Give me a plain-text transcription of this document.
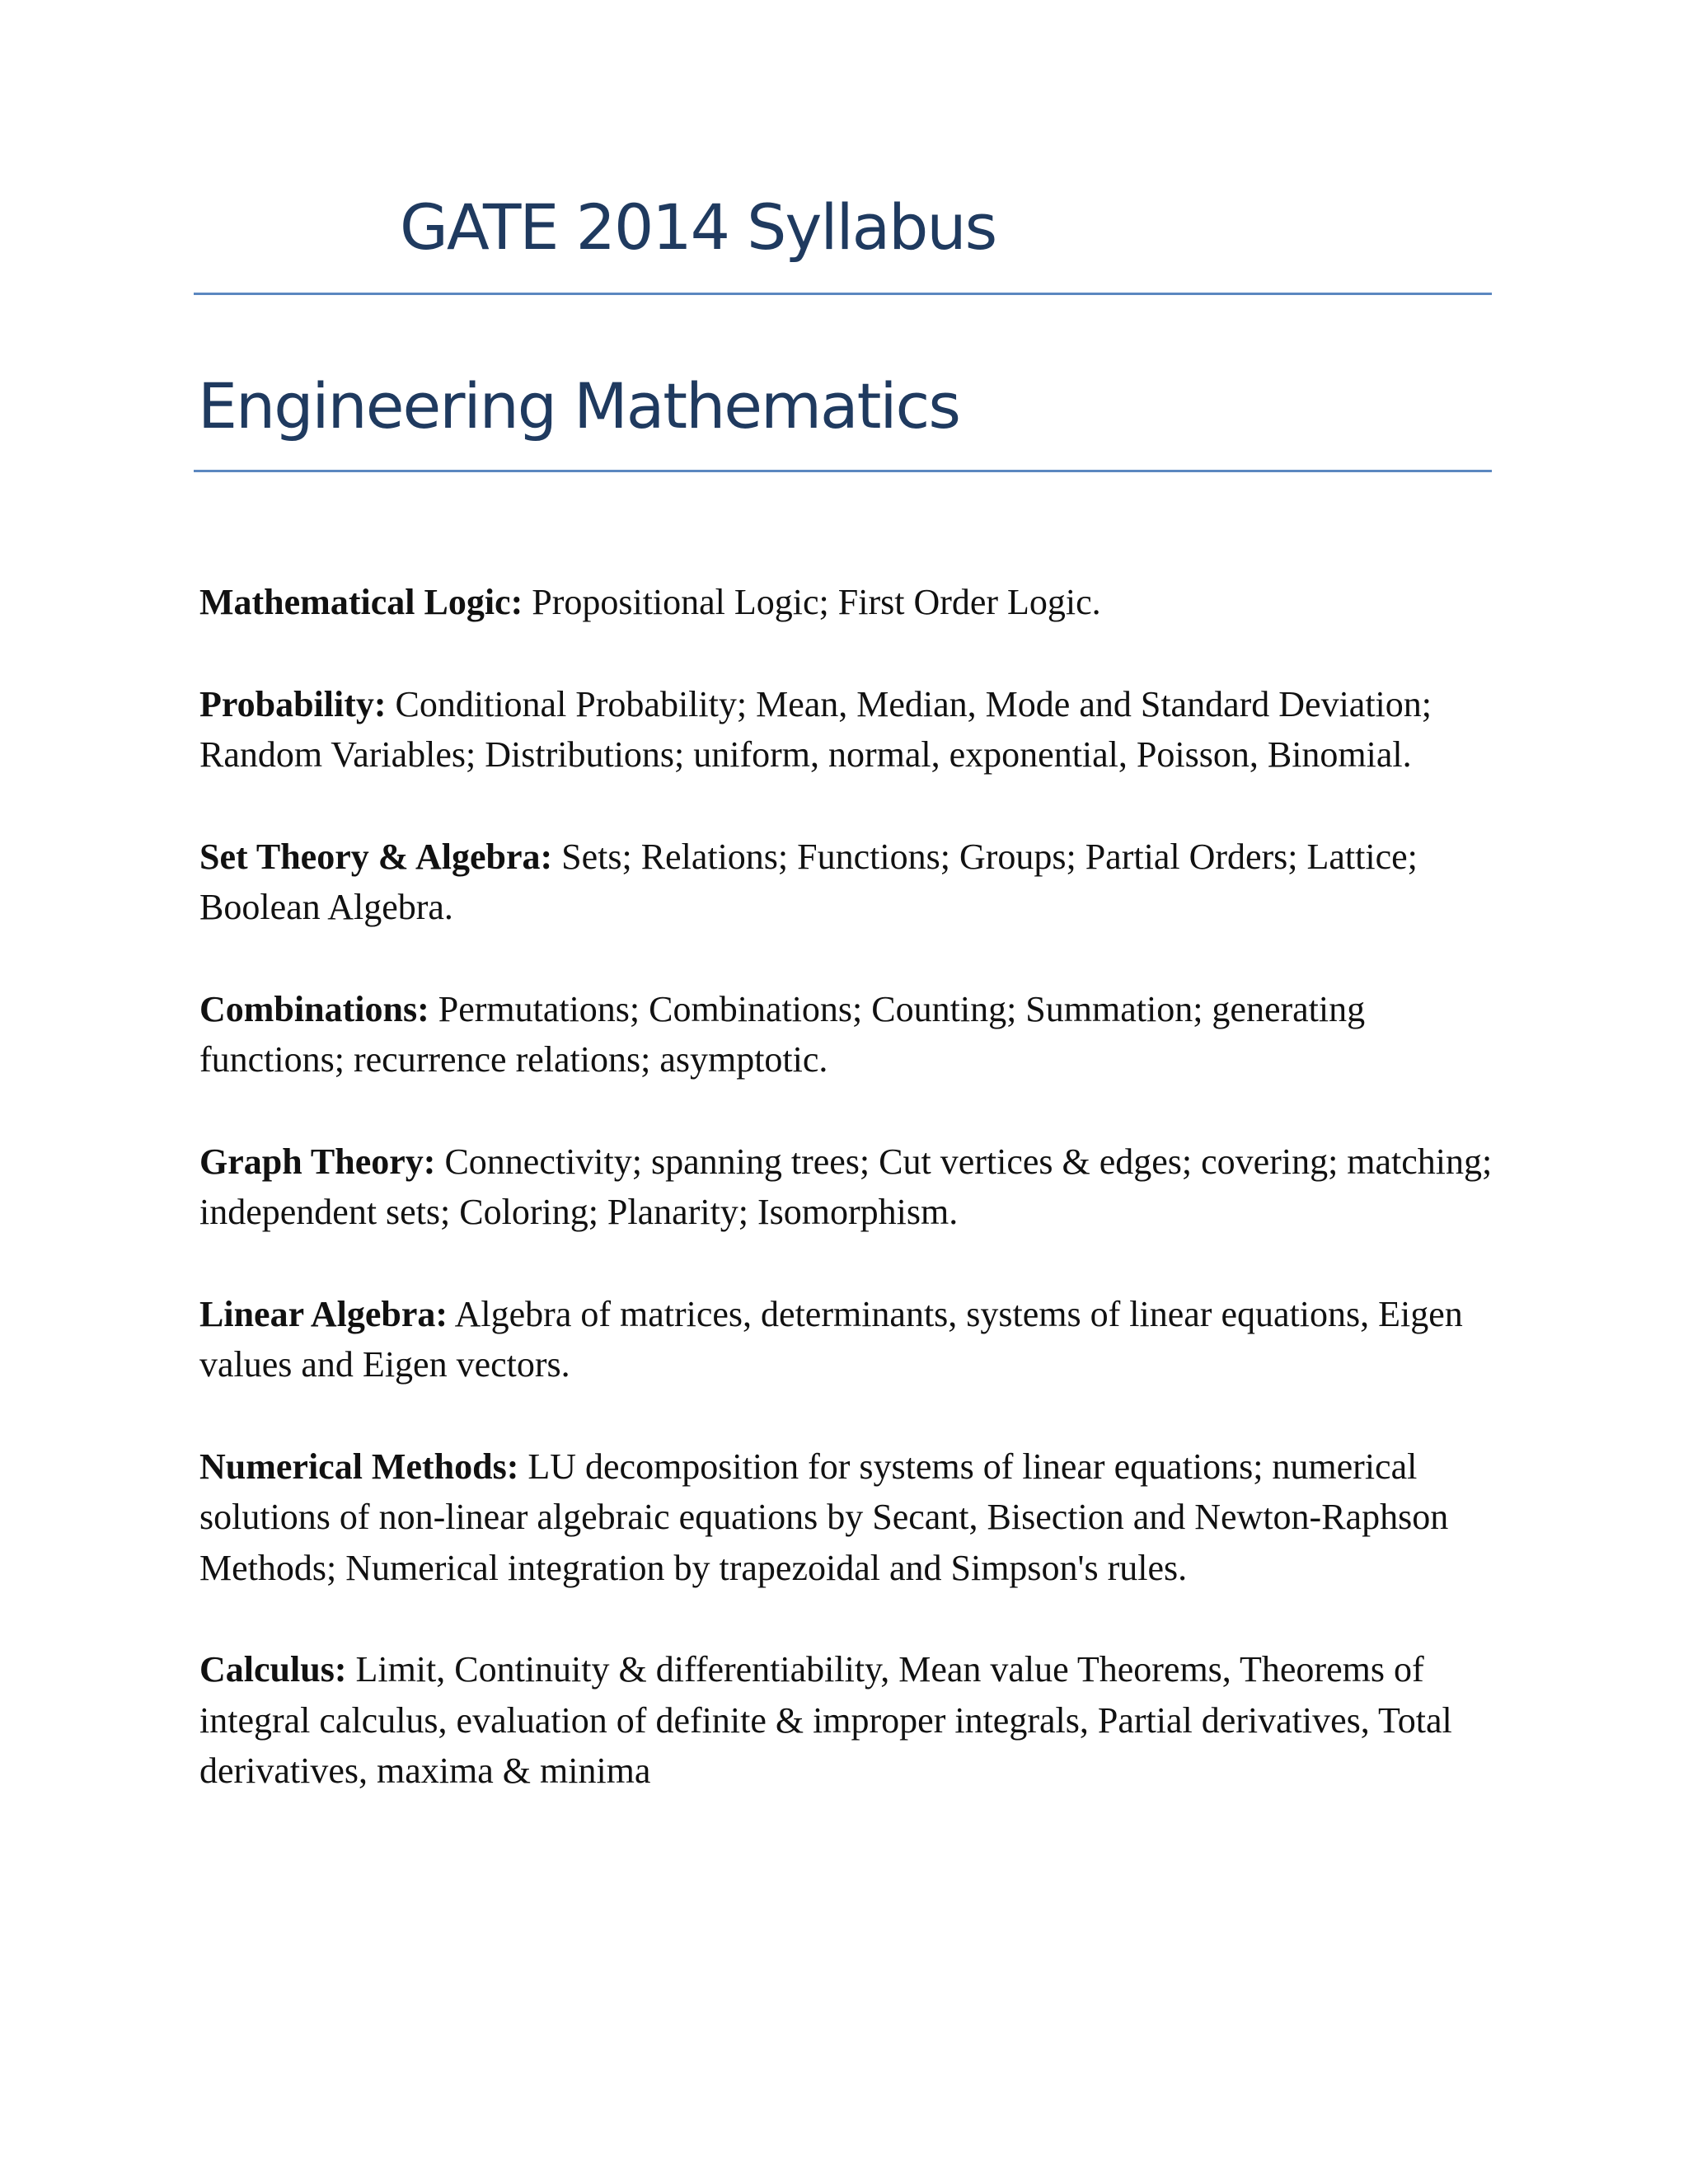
GATE 2014 Syllabus
Engineering Mathematics

Mathematical Logic: Propositional Logic; First Order Logic.

Probability: Conditional Probability; Mean, Median, Mode and Standard Deviation; Random Variables; Distributions; uniform, normal, exponential, Poisson, Binomial.

Set Theory & Algebra: Sets; Relations; Functions; Groups; Partial Orders; Lattice; Boolean Algebra.

Combinations: Permutations; Combinations; Counting; Summation; generating functions; recurrence relations; asymptotic.

Graph Theory: Connectivity; spanning trees; Cut vertices & edges; covering; matching; independent sets; Coloring; Planarity; Isomorphism.

Linear Algebra: Algebra of matrices, determinants, systems of linear equations, Eigen values and Eigen vectors.

Numerical Methods: LU decomposition for systems of linear equations; numerical solutions of non-linear algebraic equations by Secant, Bisection and Newton-Raphson Methods; Numerical integration by trapezoidal and Simpson's rules.

Calculus: Limit, Continuity & differentiability, Mean value Theorems, Theorems of integral calculus, evaluation of definite & improper integrals, Partial derivatives, Total derivatives, maxima & minima
